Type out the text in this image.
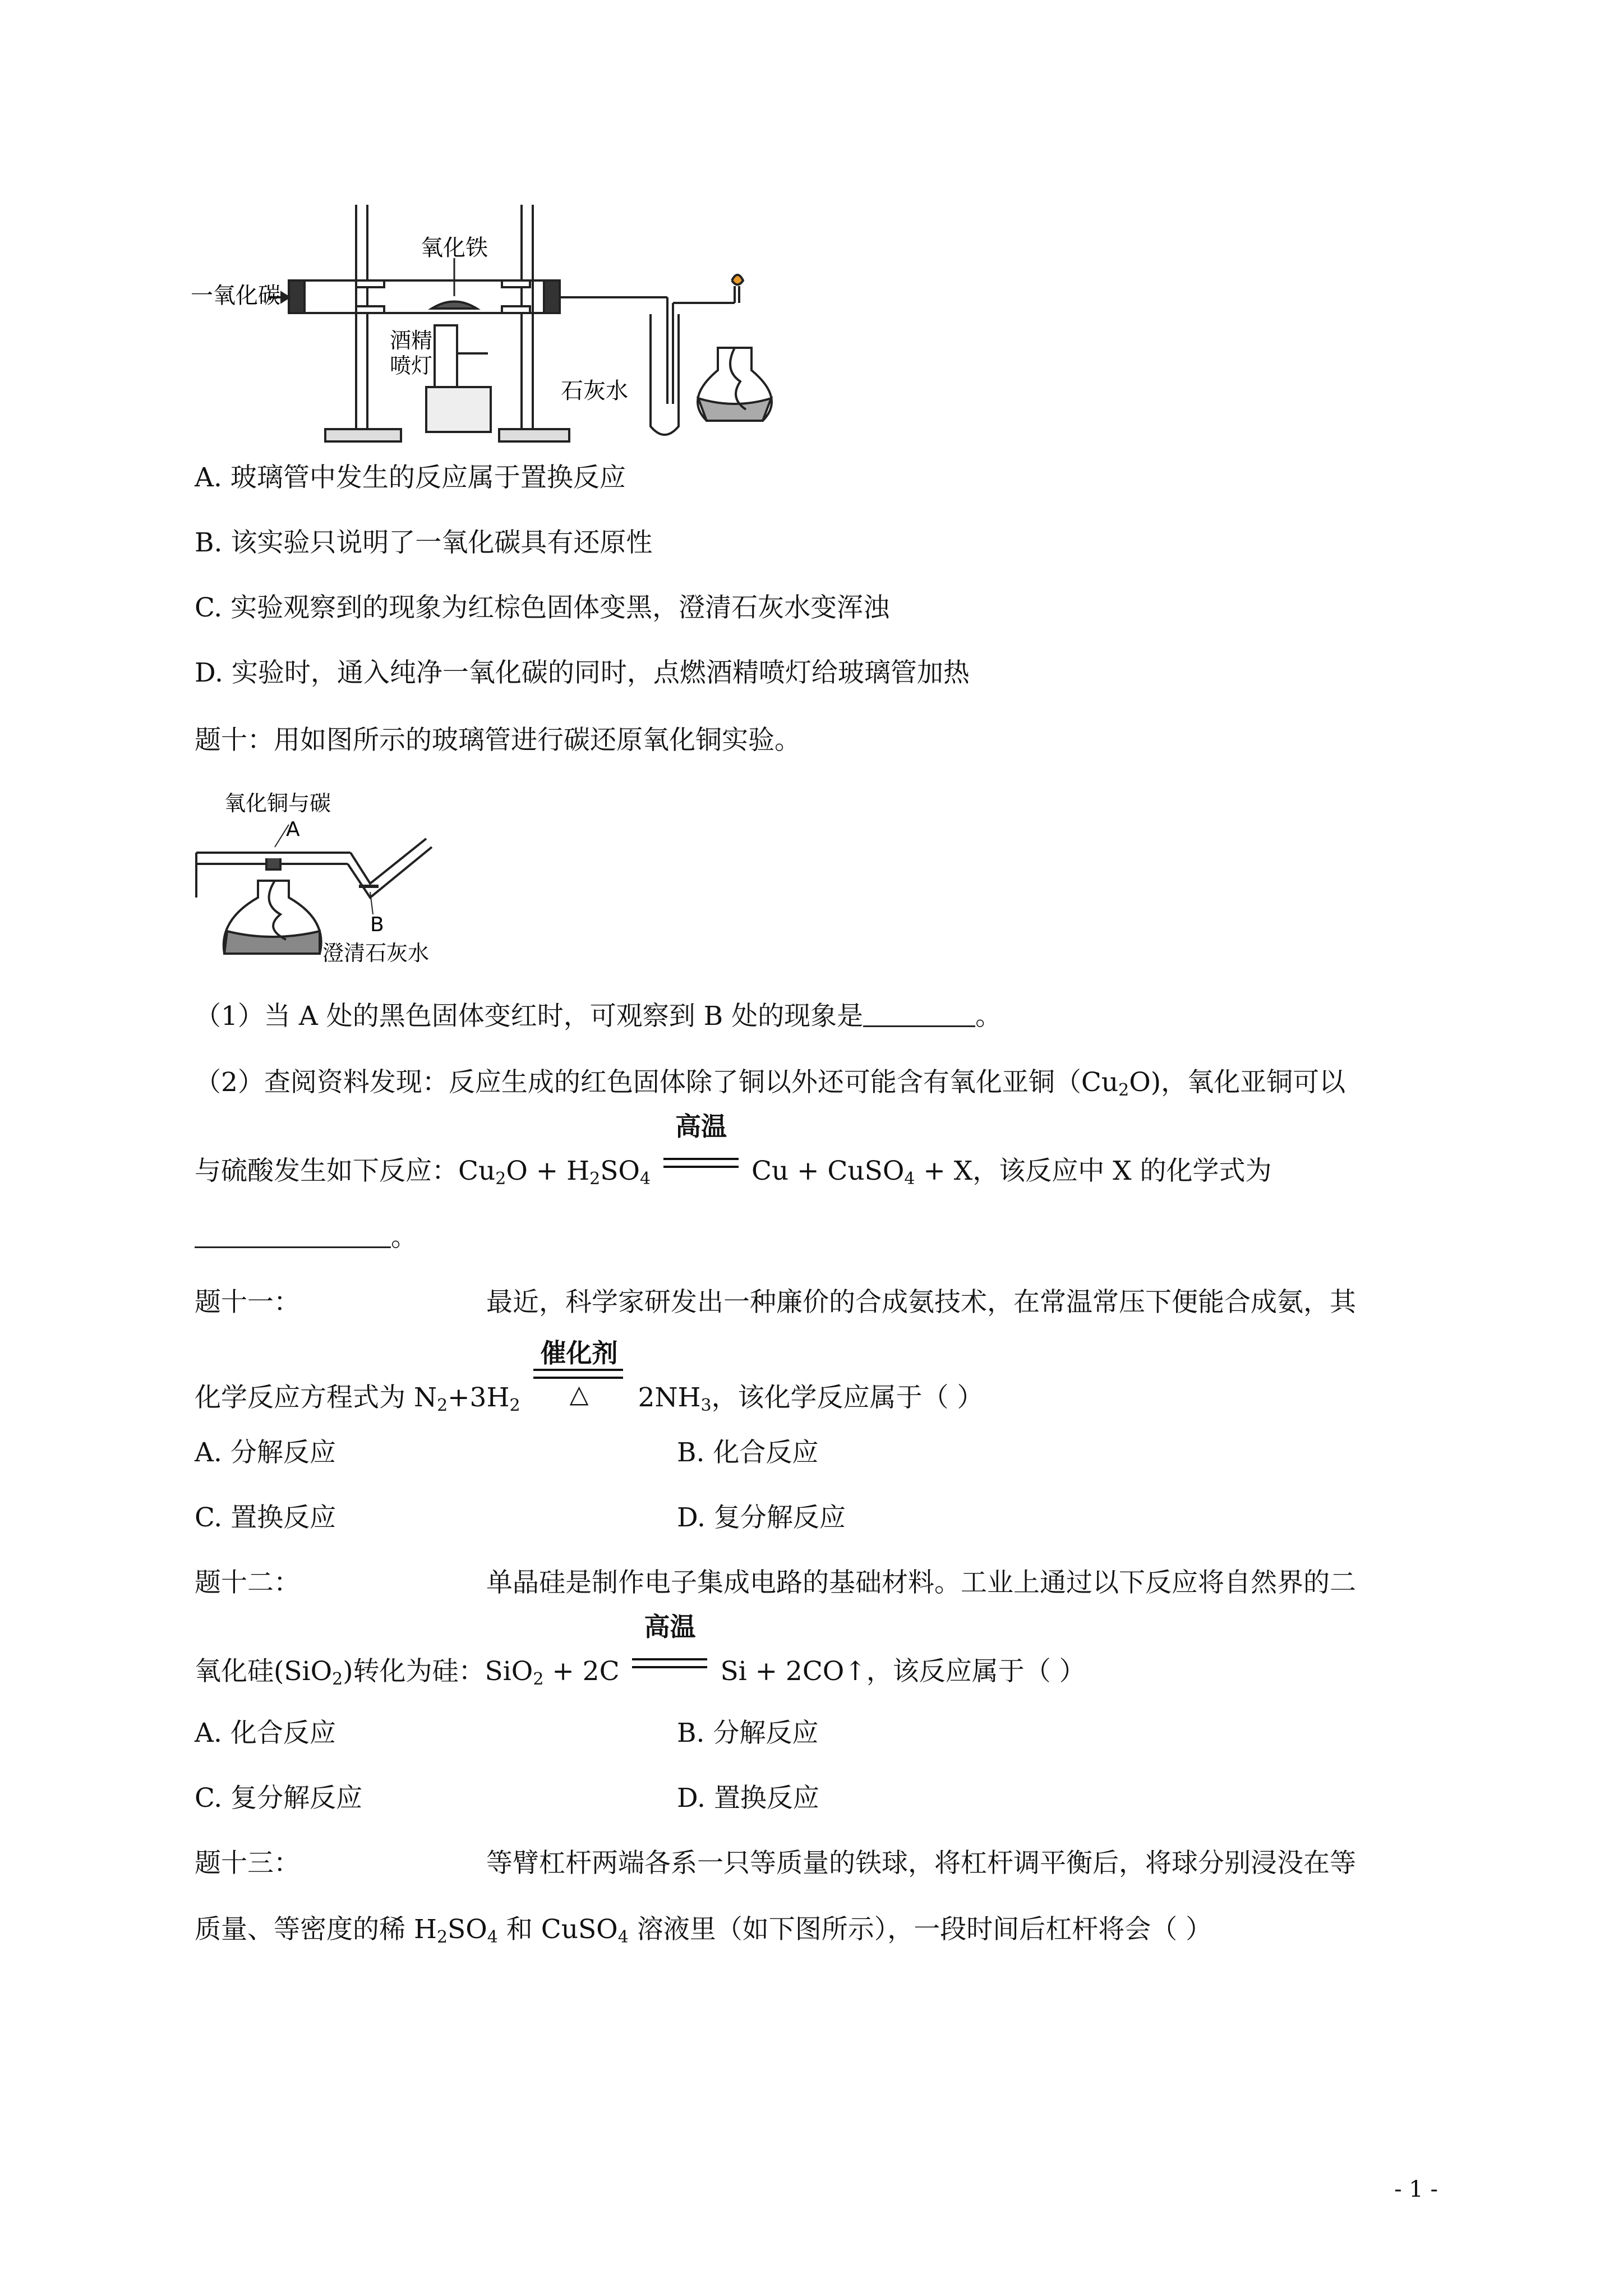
一氧化碳
氧化铁
酒精
喷灯
石灰水
A. 玻璃管中发生的反应属于置换反应
B. 该实验只说明了一氧化碳具有还原性
C. 实验观察到的现象为红棕色固体变黑，澄清石灰水变浑浊
D. 实验时，通入纯净一氧化碳的同时，点燃酒精喷灯给玻璃管加热
题十：用如图所示的玻璃管进行碳还原氧化铜实验。
氧化铜与碳
A
B
澄清石灰水
（1）当 A 处的黑色固体变红时，可观察到 B 处的现象是	。
（2）查阅资料发现：反应生成的红色固体除了铜以外还可能含有氧化亚铜$(Cu_2O)$，氧化亚铜可以
与硫酸发生如下反应：$Cu_2O + H_2SO_4$
高温
Cu + CuSO$_4$ + X，该反应中 X 的化学式为
。
题十一：	最近，科学家研发出一种廉价的合成氨技术，在常温常压下便能合成氨，其
化学反应方程式为 $N_2+3H_2$
催化剂
△	$2NH_3$，该化学反应属于（ ）
A. 分解反应	B. 化合反应
C. 置换反应	D. 复分解反应
题十二：	单晶硅是制作电子集成电路的基础材料。工业上通过以下反应将自然界的二
氧化硅(SiO$_2$)转化为硅：SiO$_2$ + 2C
高温
Si + 2CO↑，该反应属于（ ）
A. 化合反应	B. 分解反应
C. 复分解反应	D. 置换反应
题十三：	等臂杠杆两端各系一只等质量的铁球，将杠杆调平衡后，将球分别浸没在等
质量、等密度的稀 $H_2SO_4$ 和 CuSO$_4$ 溶液里（如下图所示），一段时间后杠杆将会（ ）
- 1 -
